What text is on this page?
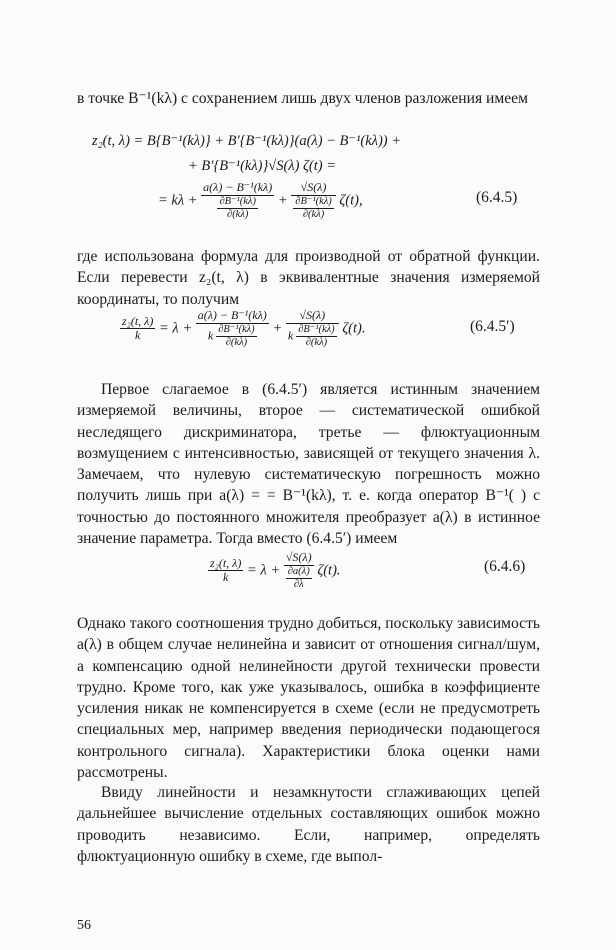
в точке B⁻¹(kλ) с сохранением лишь двух членов разложения имеем
z₂(t, λ) = B{B⁻¹(kλ)} + B′{B⁻¹(kλ)}(a(λ) − B⁻¹(kλ)) +
+ B′{B⁻¹(kλ)}√S(λ) ζ(t) =
= $k\lambda + \frac{\text{a(λ) − B⁻¹(kλ)}}{\frac{\text{∂B⁻¹(kλ)}}{\partial(k\lambda)}} + \frac{√S(\lambda)}{\frac{\text{∂B⁻¹(kλ)}}{\partial(k\lambda)}} \zeta(t)$,	(6.4.5)
где использована формула для производной от обратной функции. Если перевести z₂(t, λ) в эквивалентные значения измеряемой координаты, то получим
$\frac{\text{z₂(t, λ)}}{k} = \lambda + \frac{\text{a(λ) − B⁻¹(kλ)}}{k \frac{\text{∂B⁻¹(kλ)}}{\partial(k\lambda)}} + \frac{√S(\lambda)}{k \frac{\text{∂B⁻¹(kλ)}}{\partial(k\lambda)}} \zeta(t)$.	(6.4.5′)
Первое слагаемое в (6.4.5′) является истинным значением измеряемой величины, второе — систематической ошибкой неследящего дискриминатора, третье — флюктуационным возмущением с интенсивностью, зависящей от текущего значения λ. Замечаем, что нулевую систематическую погрешность можно получить лишь при a(λ) = = B⁻¹(kλ), т. е. когда оператор B⁻¹( ) с точностью до постоянного множителя преобразует a(λ) в истинное значение параметра. Тогда вместо (6.4.5′) имеем
$\frac{\text{z₂(t, λ)}}{k} = \lambda + \frac{√S(\lambda)}{\frac{\partial a(\lambda)}{\partial\lambda}} \zeta(t)$.	(6.4.6)
Однако такого соотношения трудно добиться, поскольку зависимость a(λ) в общем случае нелинейна и зависит от отношения сигнал/шум, а компенсацию одной нелинейности другой технически провести трудно. Кроме того, как уже указывалось, ошибка в коэффициенте усиления никак не компенсируется в схеме (если не предусмотреть специальных мер, например введения периодически подающегося контрольного сигнала). Характеристики блока оценки нами рассмотрены.
Ввиду линейности и незамкнутости сглаживающих цепей дальнейшее вычисление отдельных составляющих ошибок можно проводить независимо. Если, например, определять флюктуационную ошибку в схеме, где выпол-
56
